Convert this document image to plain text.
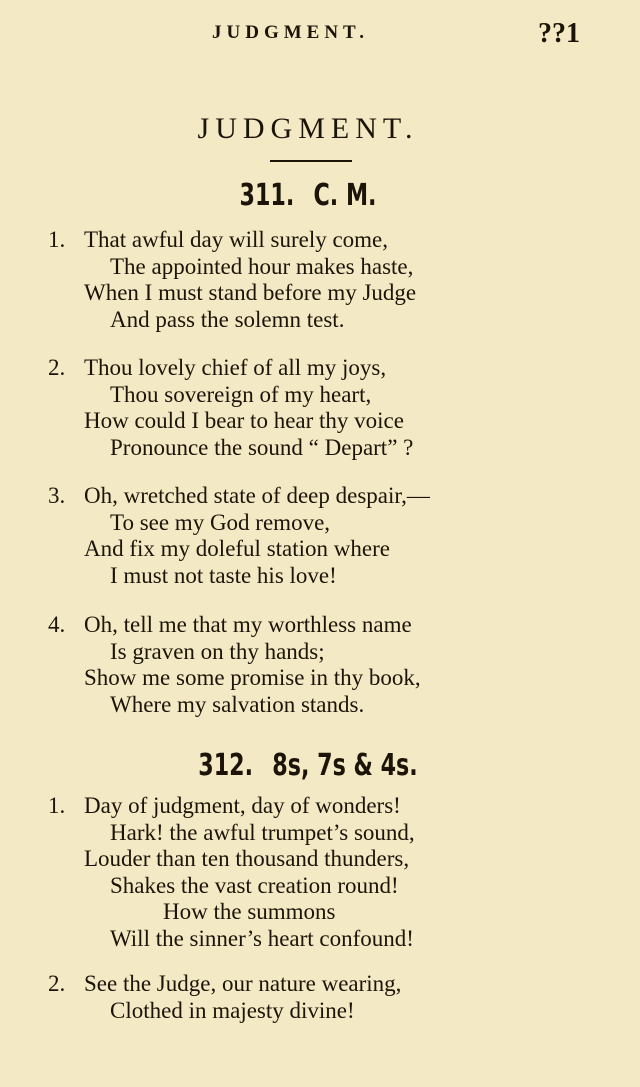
JUDGMENT.	??1
JUDGMENT.
311. C. M.
1. That awful day will surely come,
The appointed hour makes haste,
When I must stand before my Judge
And pass the solemn test.
2. Thou lovely chief of all my joys,
Thou sovereign of my heart,
How could I bear to hear thy voice
Pronounce the sound “ Depart” ?
3. Oh, wretched state of deep despair,—
To see my God remove,
And fix my doleful station where
I must not taste his love!
4. Oh, tell me that my worthless name
Is graven on thy hands;
Show me some promise in thy book,
Where my salvation stands.
312. 8s, 7s & 4s.
1. Day of judgment, day of wonders!
Hark! the awful trumpet’s sound,
Louder than ten thousand thunders,
Shakes the vast creation round!
How the summons
Will the sinner’s heart confound!
2. See the Judge, our nature wearing,
Clothed in majesty divine!
